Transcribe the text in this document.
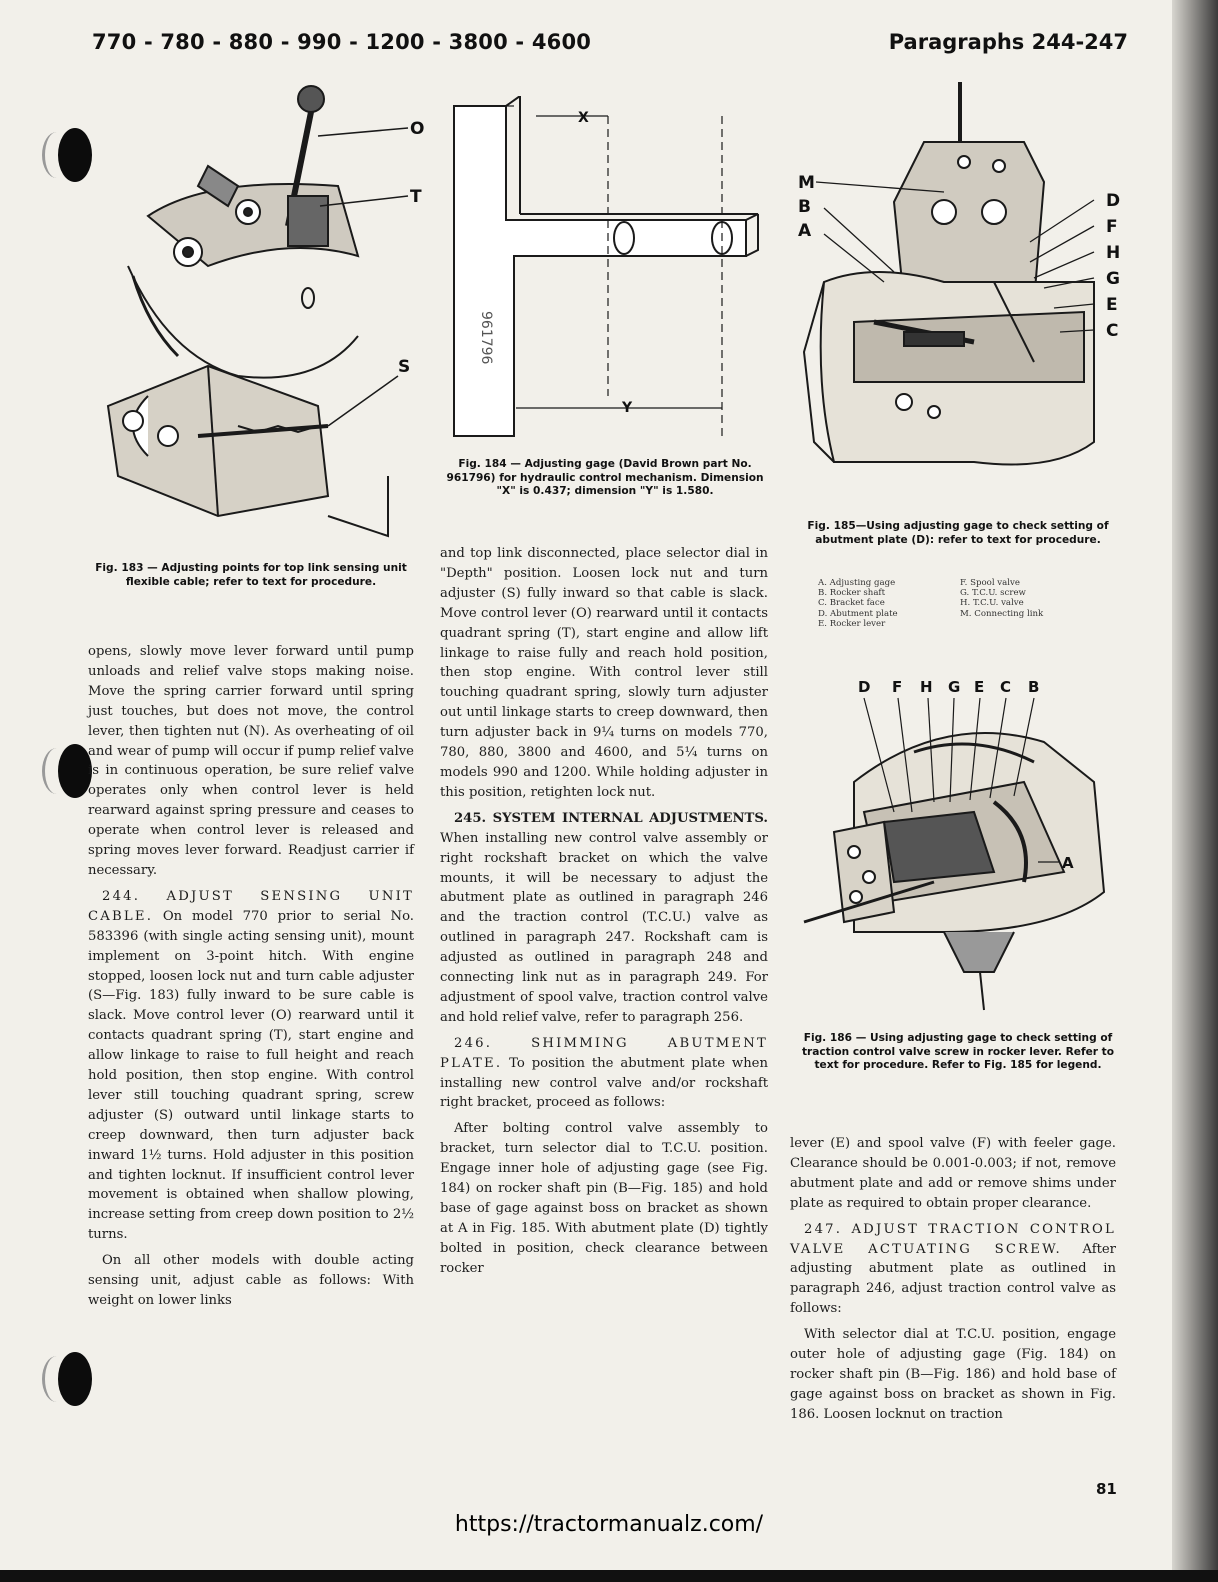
770 - 780 - 880 - 990 - 1200 - 3800 - 4600	Paragraphs 244-247
O
T
S
Fig. 183 — Adjusting points for top link sensing unit flexible cable; refer to text for procedure.
961796
X
Y
Fig. 184 — Adjusting gage (David Brown part No. 961796) for hydraulic control mechanism. Dimension "X" is 0.437; dimension "Y" is 1.580.
M
B
A
D
F
H
G
E
C
Fig. 185—Using adjusting gage to check setting of abutment plate (D): refer to text for procedure.
A. Adjusting gage	F. Spool valve
B. Rocker shaft	G. T.C.U. screw
C. Bracket face	H. T.C.U. valve
D. Abutment plate	M. Connecting link
E. Rocker lever
D F H G E C B
A
Fig. 186 — Using adjusting gage to check setting of traction control valve screw in rocker lever. Refer to text for procedure. Refer to Fig. 185 for legend.

opens, slowly move lever forward until pump unloads and relief valve stops making noise. Move the spring carrier forward until spring just touches, but does not move, the control lever, then tighten nut (N). As overheating of oil and wear of pump will occur if pump relief valve is in continuous operation, be sure relief valve operates only when control lever is held rearward against spring pressure and ceases to operate when control lever is released and spring moves lever forward. Readjust carrier if necessary.

244. ADJUST SENSING UNIT CABLE. On model 770 prior to serial No. 583396 (with single acting sensing unit), mount implement on 3-point hitch. With engine stopped, loosen lock nut and turn cable adjuster (S—Fig. 183) fully inward to be sure cable is slack. Move control lever (O) rearward until it contacts quadrant spring (T), start engine and allow linkage to raise to full height and reach hold position, then stop engine. With control lever still touching quadrant spring, screw adjuster (S) outward until linkage starts to creep downward, then turn adjuster back inward 1½ turns. Hold adjuster in this position and tighten locknut. If insufficient control lever movement is obtained when shallow plowing, increase setting from creep down position to 2½ turns.

On all other models with double acting sensing unit, adjust cable as follows: With weight on lower links

and top link disconnected, place selector dial in "Depth" position. Loosen lock nut and turn adjuster (S) fully inward so that cable is slack. Move control lever (O) rearward until it contacts quadrant spring (T), start engine and allow lift linkage to raise fully and reach hold position, then stop engine. With control lever still touching quadrant spring, slowly turn adjuster out until linkage starts to creep downward, then turn adjuster back in 9¼ turns on models 770, 780, 880, 3800 and 4600, and 5¼ turns on models 990 and 1200. While holding adjuster in this position, retighten lock nut.

245. SYSTEM INTERNAL ADJUSTMENTS. When installing new control valve assembly or right rockshaft bracket on which the valve mounts, it will be necessary to adjust the abutment plate as outlined in paragraph 246 and the traction control (T.C.U.) valve as outlined in paragraph 247. Rockshaft cam is adjusted as outlined in paragraph 248 and connecting link nut as in paragraph 249. For adjustment of spool valve, traction control valve and hold relief valve, refer to paragraph 256.

246. SHIMMING ABUTMENT PLATE. To position the abutment plate when installing new control valve and/or rockshaft right bracket, proceed as follows:

After bolting control valve assembly to bracket, turn selector dial to T.C.U. position. Engage inner hole of adjusting gage (see Fig. 184) on rocker shaft pin (B—Fig. 185) and hold base of gage against boss on bracket as shown at A in Fig. 185. With abutment plate (D) tightly bolted in position, check clearance between rocker

lever (E) and spool valve (F) with feeler gage. Clearance should be 0.001-0.003; if not, remove abutment plate and add or remove shims under plate as required to obtain proper clearance.

247. ADJUST TRACTION CONTROL VALVE ACTUATING SCREW. After adjusting abutment plate as outlined in paragraph 246, adjust traction control valve as follows:

With selector dial at T.C.U. position, engage outer hole of adjusting gage (Fig. 184) on rocker shaft pin (B—Fig. 186) and hold base of gage against boss on bracket as shown in Fig. 186. Loosen locknut on traction

81
https://tractormanualz.com/
